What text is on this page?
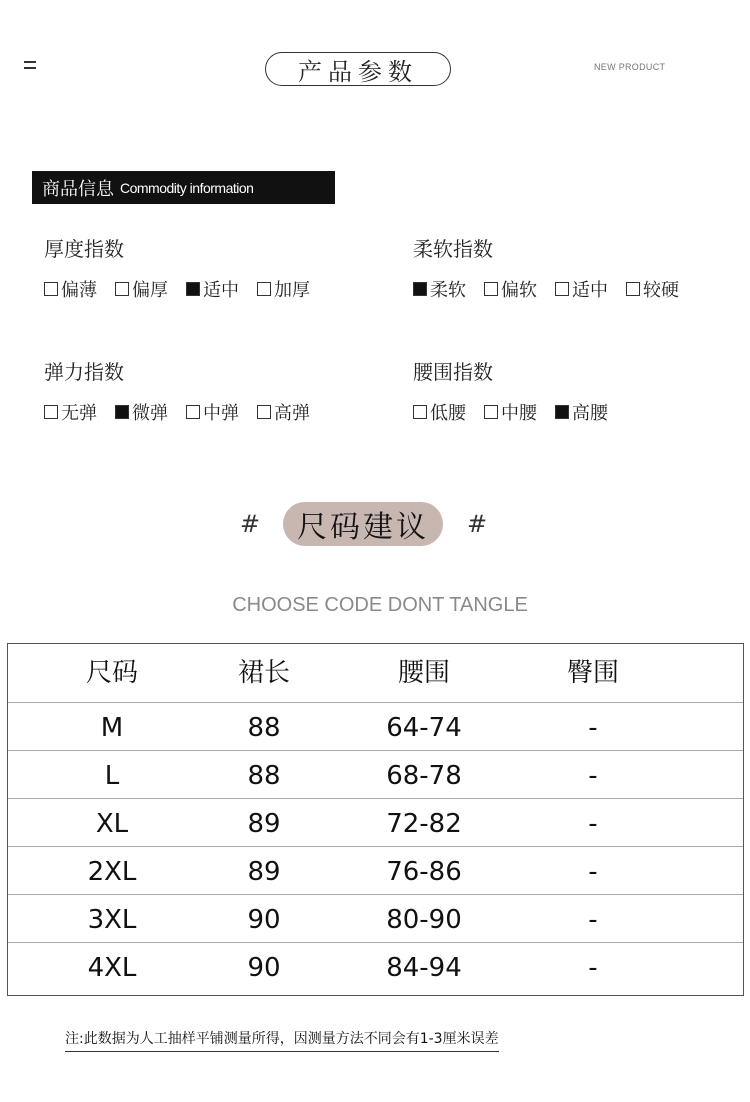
产品参数	NEW PRODUCT
商品信息 Commodity information
厚度指数
偏薄 偏厚 适中 加厚
柔软指数
柔软 偏软 适中 较硬
弹力指数
无弹 微弹 中弹 高弹
腰围指数
低腰 中腰 高腰
# 尺码建议 #
CHOOSE CODE DONT TANGLE
尺码	裙长	腰围	臀围
M	88	64-74	-
L	88	68-78	-
XL	89	72-82	-
2XL	89	76-86	-
3XL	90	80-90	-
4XL	90	84-94	-
注:此数据为人工抽样平铺测量所得，因测量方法不同会有1-3厘米误差
